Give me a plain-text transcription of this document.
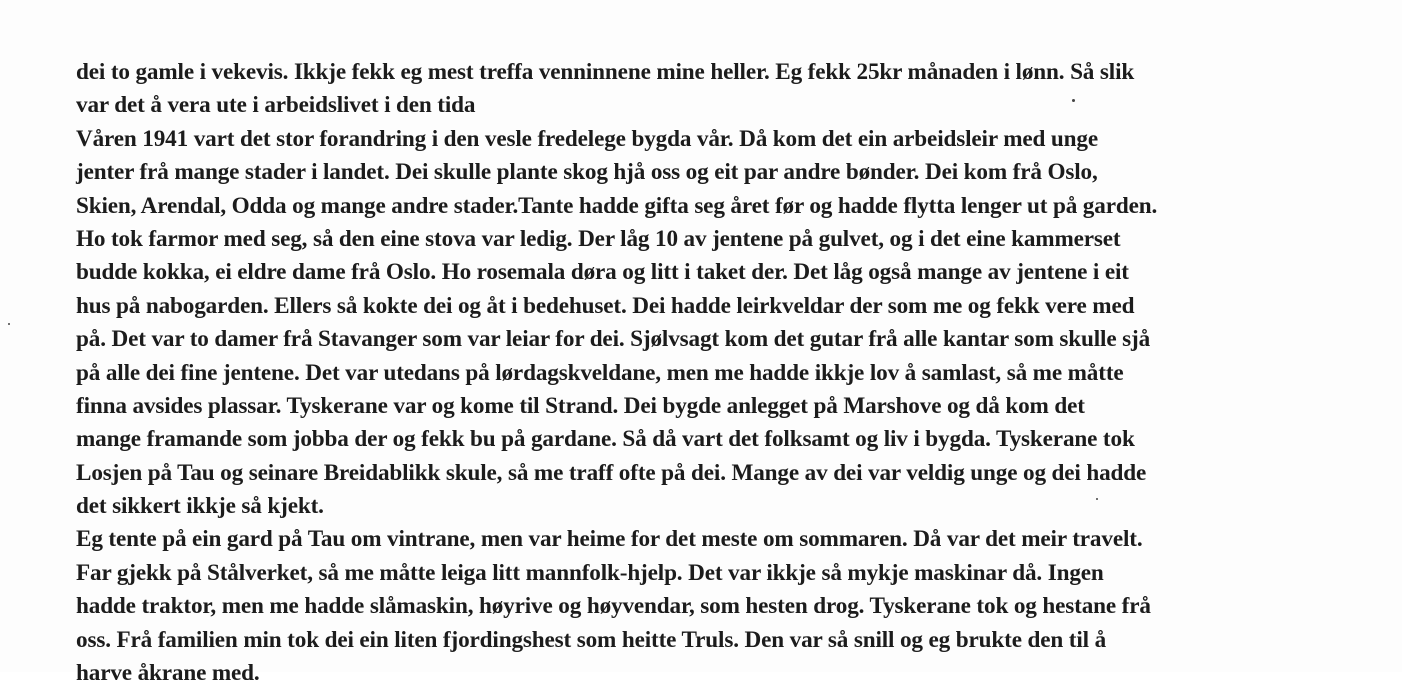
dei to gamle i vekevis. Ikkje fekk eg mest treffa venninnene mine heller. Eg fekk 25kr månaden i lønn. Så slik
var det å vera ute i arbeidslivet i den tida
Våren 1941 vart det stor forandring i den vesle fredelege bygda vår. Då kom det ein arbeidsleir med unge
jenter frå mange stader i landet. Dei skulle plante skog hjå oss og eit par andre bønder. Dei kom frå Oslo,
Skien, Arendal, Odda og mange andre stader.Tante hadde gifta seg året før og hadde flytta lenger ut på garden.
Ho tok farmor med seg, så den eine stova var ledig. Der låg 10 av jentene på gulvet, og i det eine kammerset
budde kokka, ei eldre dame frå Oslo. Ho rosemala døra og litt i taket der. Det låg også mange av jentene i eit
hus på nabogarden. Ellers så kokte dei og åt i bedehuset. Dei hadde leirkveldar der som me og fekk vere med
på. Det var to damer frå Stavanger som var leiar for dei. Sjølvsagt kom det gutar frå alle kantar som skulle sjå
på alle dei fine jentene. Det var utedans på lørdagskveldane, men me hadde ikkje lov å samlast, så me måtte
finna avsides plassar. Tyskerane var og kome til Strand. Dei bygde anlegget på Marshove og då kom det
mange framande som jobba der og fekk bu på gardane. Så då vart det folksamt og liv i bygda. Tyskerane tok
Losjen på Tau og seinare Breidablikk skule, så me traff ofte på dei. Mange av dei var veldig unge og dei hadde
det sikkert ikkje så kjekt.
Eg tente på ein gard på Tau om vintrane, men var heime for det meste om sommaren. Då var det meir travelt.
Far gjekk på Stålverket, så me måtte leiga litt mannfolk-hjelp. Det var ikkje så mykje maskinar då. Ingen
hadde traktor, men me hadde slåmaskin, høyrive og høyvendar, som hesten drog. Tyskerane tok og hestane frå
oss. Frå familien min tok dei ein liten fjordingshest som heitte Truls. Den var så snill og eg brukte den til å
harve åkrane med.
